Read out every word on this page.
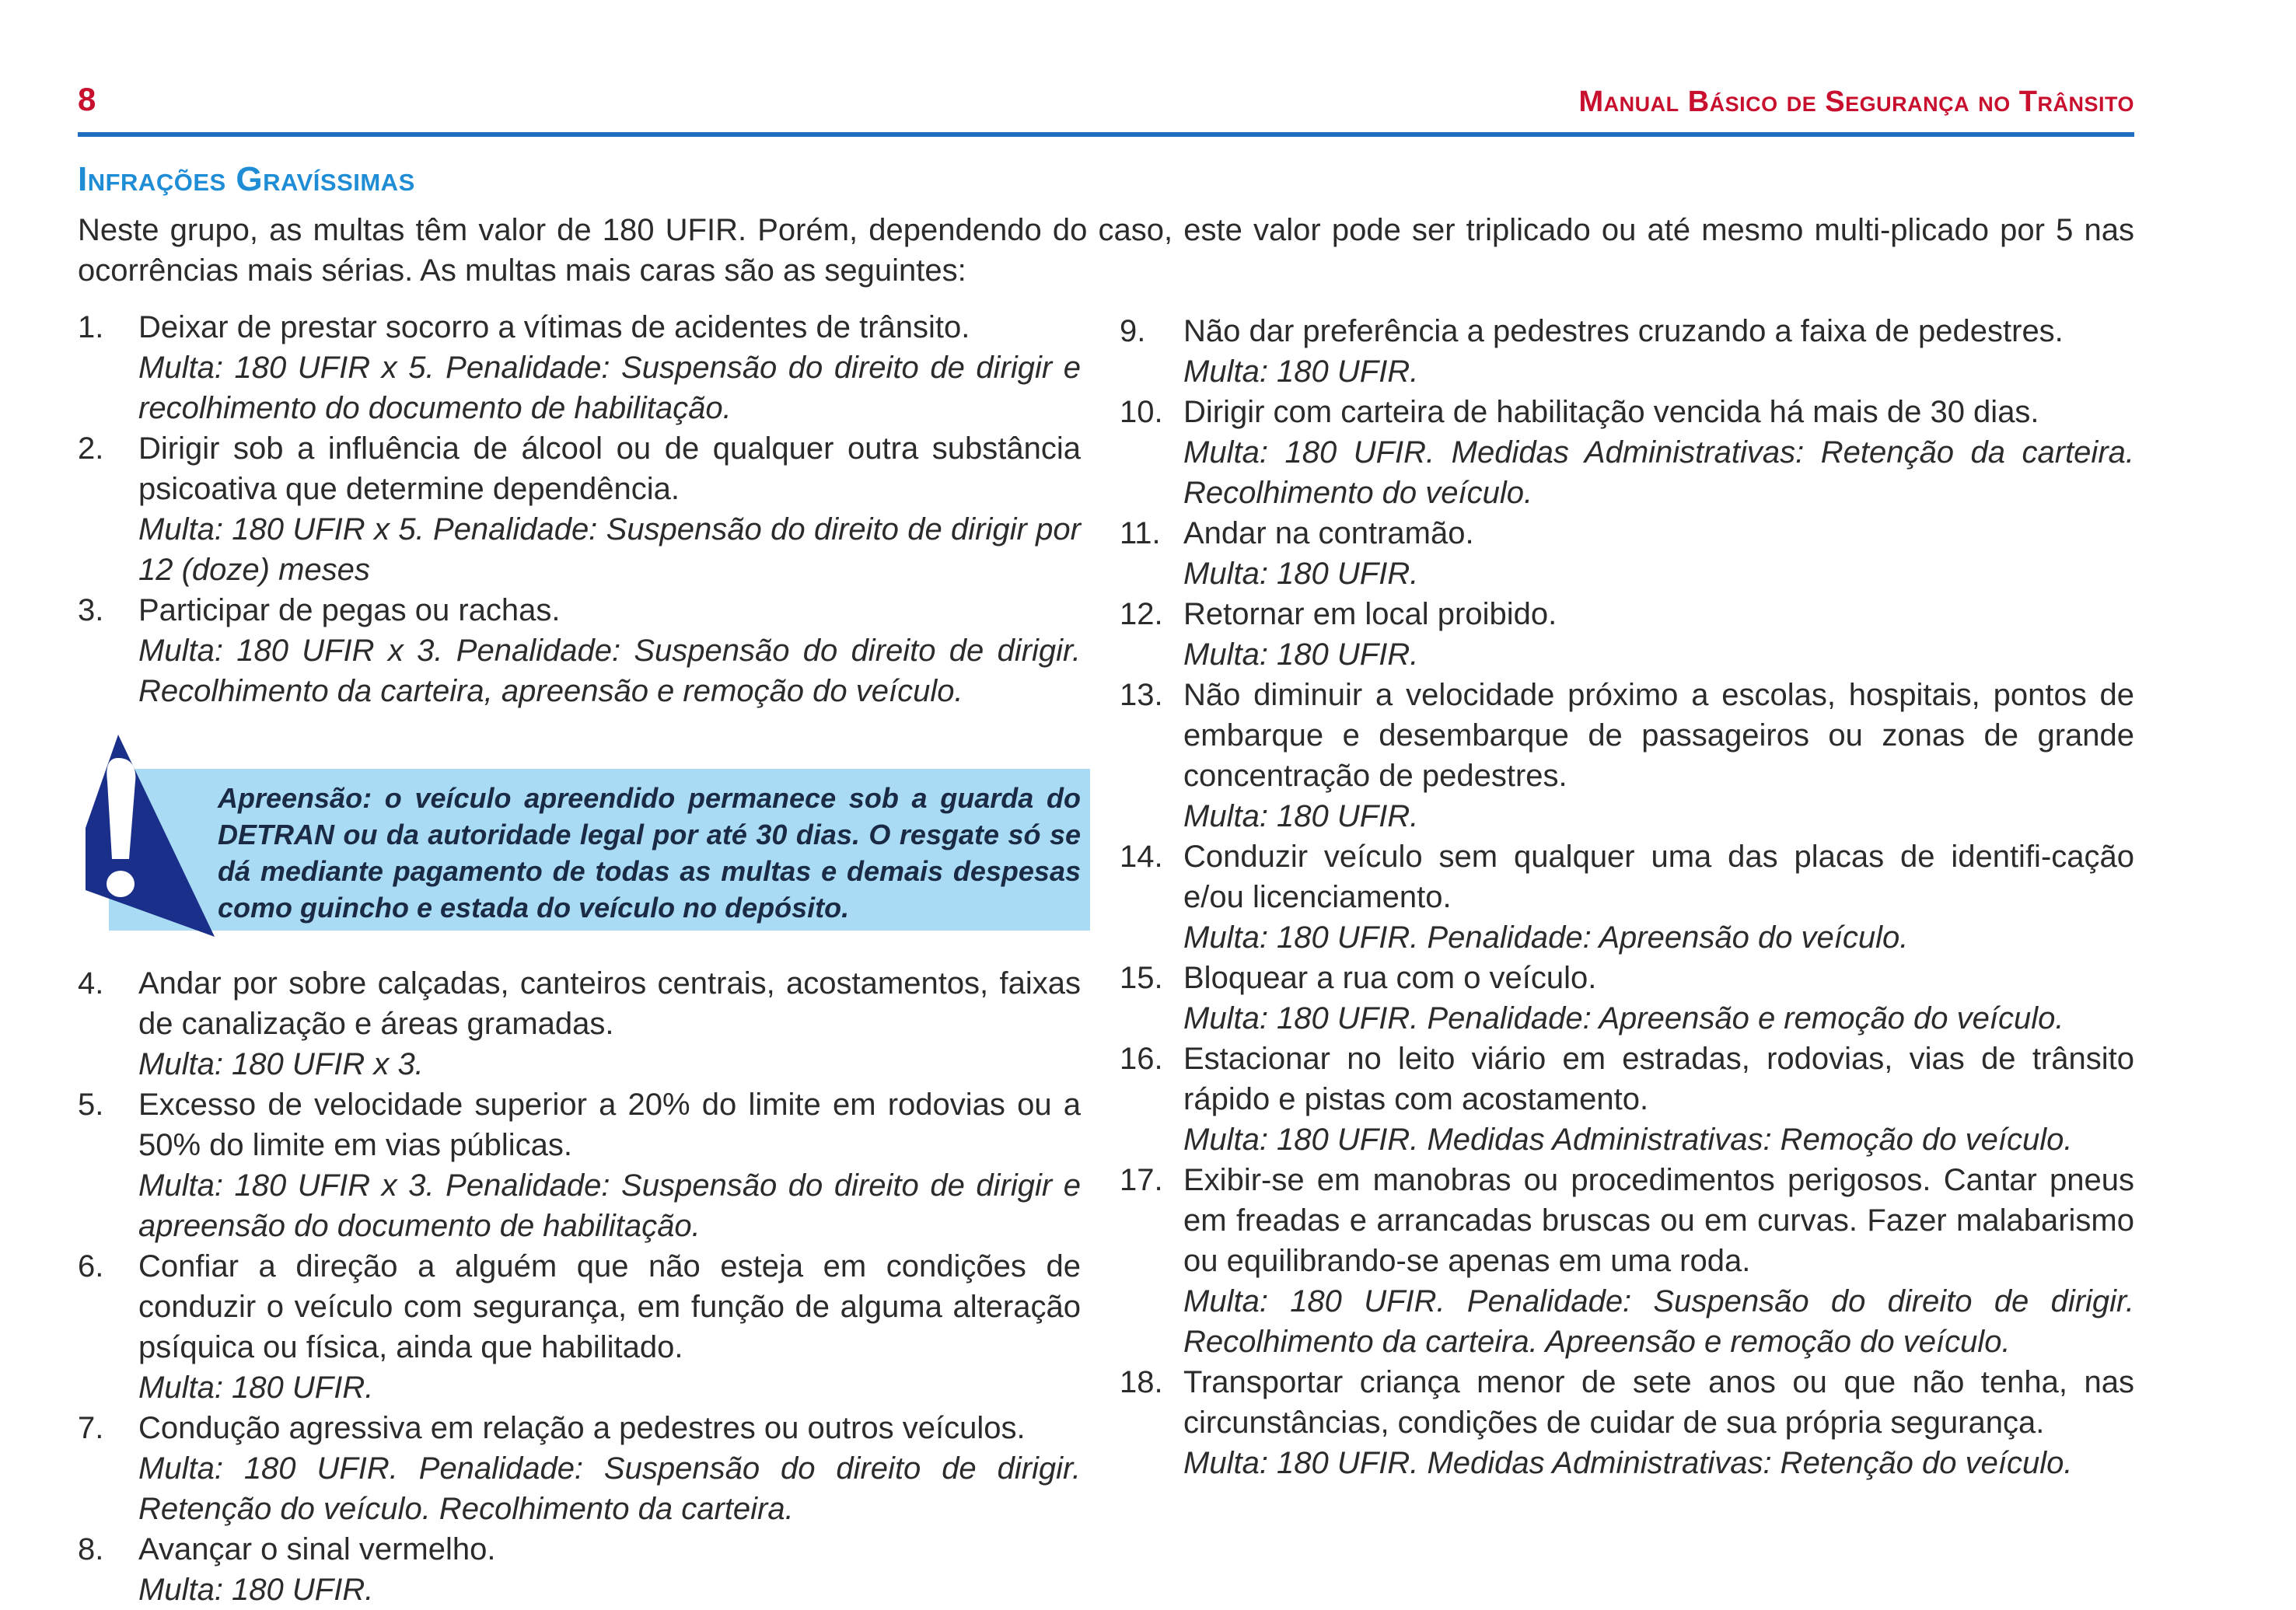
8	Manual Básico de Segurança no Trânsito
Infrações Gravíssimas

Neste grupo, as multas têm valor de 180 UFIR. Porém, dependendo do caso, este valor pode ser triplicado ou até mesmo multi-plicado por 5 nas ocorrências mais sérias. As multas mais caras são as seguintes:

1.	Deixar de prestar socorro a vítimas de acidentes de trânsito.
Multa: 180 UFIR x 5. Penalidade: Suspensão do direito de dirigir e recolhimento do documento de habilitação.
2.	Dirigir sob a influência de álcool ou de qualquer outra substância psicoativa que determine dependência.
Multa: 180 UFIR x 5. Penalidade: Suspensão do direito de dirigir por 12 (doze) meses
3.	Participar de pegas ou rachas.
Multa: 180 UFIR x 3. Penalidade: Suspensão do direito de dirigir. Recolhimento da carteira, apreensão e remoção do veículo.

Apreensão: o veículo apreendido permanece sob a guarda do DETRAN ou da autoridade legal por até 30 dias. O resgate só se dá mediante pagamento de todas as multas e demais despesas como guincho e estada do veículo no depósito.

4.	Andar por sobre calçadas, canteiros centrais, acostamentos, faixas de canalização e áreas gramadas.
Multa: 180 UFIR x 3.
5.	Excesso de velocidade superior a 20% do limite em rodovias ou a 50% do limite em vias públicas.
Multa: 180 UFIR x 3. Penalidade: Suspensão do direito de dirigir e apreensão do documento de habilitação.
6.	Confiar a direção a alguém que não esteja em condições de conduzir o veículo com segurança, em função de alguma alteração psíquica ou física, ainda que habilitado.
Multa: 180 UFIR.
7.	Condução agressiva em relação a pedestres ou outros veículos.
Multa: 180 UFIR. Penalidade: Suspensão do direito de dirigir. Retenção do veículo. Recolhimento da carteira.
8.	Avançar o sinal vermelho.
Multa: 180 UFIR.
9.	Não dar preferência a pedestres cruzando a faixa de pedestres.
Multa: 180 UFIR.
10. Dirigir com carteira de habilitação vencida há mais de 30 dias.
Multa: 180 UFIR. Medidas Administrativas: Retenção da carteira. Recolhimento do veículo.
11. Andar na contramão.
Multa: 180 UFIR.
12. Retornar em local proibido.
Multa: 180 UFIR.
13. Não diminuir a velocidade próximo a escolas, hospitais, pontos de embarque e desembarque de passageiros ou zonas de grande concentração de pedestres.
Multa: 180 UFIR.
14. Conduzir veículo sem qualquer uma das placas de identifi-cação e/ou licenciamento.
Multa: 180 UFIR. Penalidade: Apreensão do veículo.
15. Bloquear a rua com o veículo.
Multa: 180 UFIR. Penalidade: Apreensão e remoção do veículo.
16. Estacionar no leito viário em estradas, rodovias, vias de trânsito rápido e pistas com acostamento.
Multa: 180 UFIR. Medidas Administrativas: Remoção do veículo.
17. Exibir-se em manobras ou procedimentos perigosos. Cantar pneus em freadas e arrancadas bruscas ou em curvas. Fazer malabarismo ou equilibrando-se apenas em uma roda.
Multa: 180 UFIR. Penalidade: Suspensão do direito de dirigir. Recolhimento da carteira. Apreensão e remoção do veículo.
18. Transportar criança menor de sete anos ou que não tenha, nas circunstâncias, condições de cuidar de sua própria segurança.
Multa: 180 UFIR. Medidas Administrativas: Retenção do veículo.
